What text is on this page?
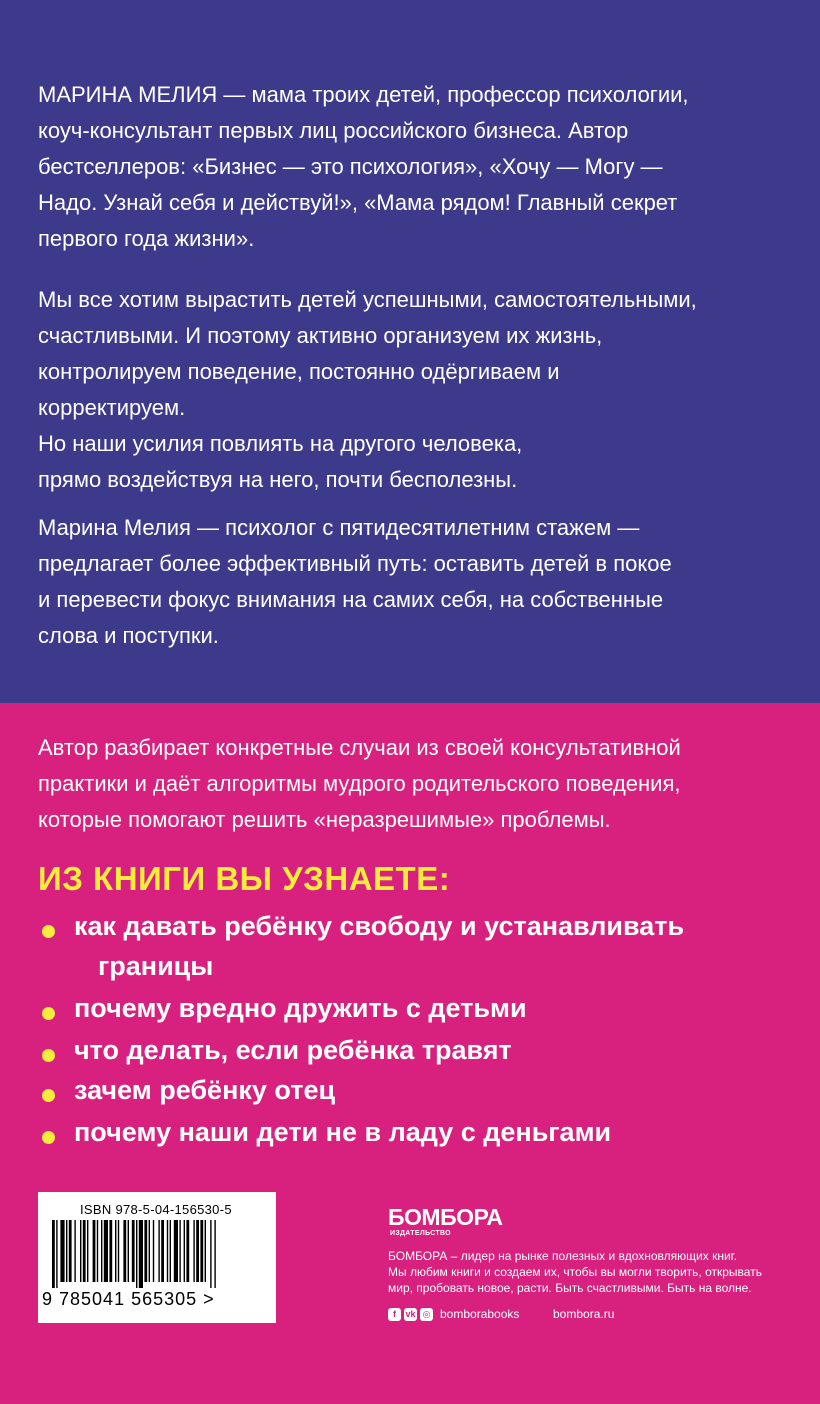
МАРИНА МЕЛИЯ — мама троих детей, профессор психологии,
коуч-консультант первых лиц российского бизнеса. Автор
бестселлеров: «Бизнес — это психология», «Хочу — Могу —
Надо. Узнай себя и действуй!», «Мама рядом! Главный секрет
первого года жизни».

Мы все хотим вырастить детей успешными, самостоятельными,
счастливыми. И поэтому активно организуем их жизнь,
контролируем поведение, постоянно одёргиваем и
корректируем.
Но наши усилия повлиять на другого человека,
прямо воздействуя на него, почти бесполезны.

Марина Мелия — психолог с пятидесятилетним стажем —
предлагает более эффективный путь: оставить детей в покое
и перевести фокус внимания на самих себя, на собственные
слова и поступки.

Автор разбирает конкретные случаи из своей консультативной
практики и даёт алгоритмы мудрого родительского поведения,
которые помогают решить «неразрешимые» проблемы.

ИЗ КНИГИ ВЫ УЗНАЕТЕ:
как давать ребёнку свободу и устанавливать
границы
почему вредно дружить с детьми
что делать, если ребёнка травят
зачем ребёнку отец
почему наши дети не в ладу с деньгами
ISBN 978-5-04-156530-5
9 785041 565305 >
БОМБОРА
ИЗДАТЕЛЬСТВО

БОМБОРА – лидер на рынке полезных и вдохновляющих книг.
Мы любим книги и создаем их, чтобы вы могли творить, открывать
мир, пробовать новое, расти. Быть счастливыми. Быть на волне.

f	vk ◎ bomborabooks	bombora.ru
